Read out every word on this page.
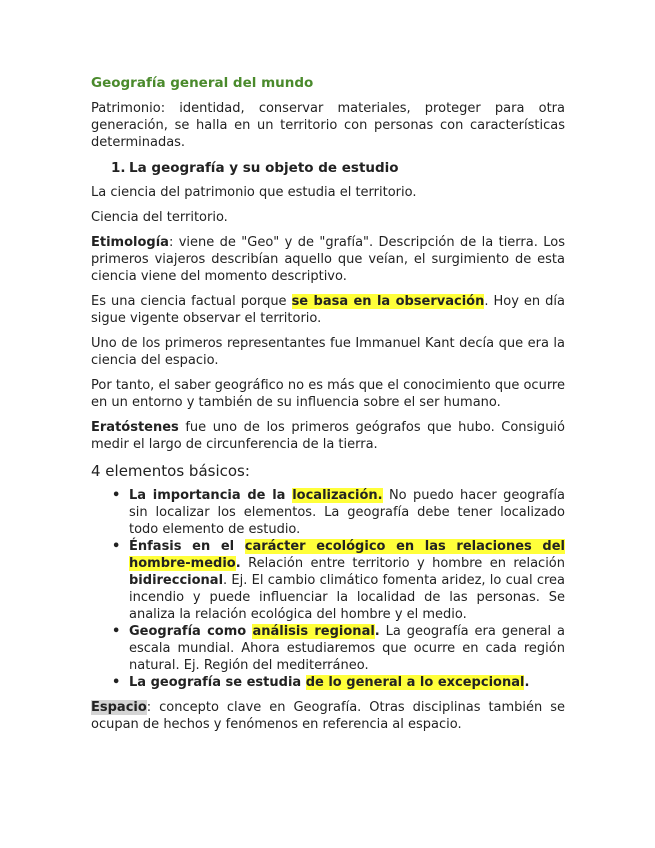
Geografía general del mundo

Patrimonio: identidad, conservar materiales, proteger para otra generación, se halla en un territorio con personas con características determinadas.

1. La geografía y su objeto de estudio

La ciencia del patrimonio que estudia el territorio.

Ciencia del territorio.

Etimología: viene de "Geo" y de "grafía". Descripción de la tierra. Los primeros viajeros describían aquello que veían, el surgimiento de esta ciencia viene del momento descriptivo.

Es una ciencia factual porque se basa en la observación. Hoy en día sigue vigente observar el territorio.

Uno de los primeros representantes fue Immanuel Kant decía que era la ciencia del espacio.

Por tanto, el saber geográfico no es más que el conocimiento que ocurre en un entorno y también de su influencia sobre el ser humano.

Eratóstenes fue uno de los primeros geógrafos que hubo. Consiguió medir el largo de circunferencia de la tierra.

4 elementos básicos:

• La importancia de la localización. No puedo hacer geografía sin localizar los elementos. La geografía debe tener localizado todo elemento de estudio.
• Énfasis en el carácter ecológico en las relaciones del hombre-medio. Relación entre territorio y hombre en relación bidireccional. Ej. El cambio climático fomenta aridez, lo cual crea incendio y puede influenciar la localidad de las personas. Se analiza la relación ecológica del hombre y el medio.
• Geografía como análisis regional. La geografía era general a escala mundial. Ahora estudiaremos que ocurre en cada región natural. Ej. Región del mediterráneo.
• La geografía se estudia de lo general a lo excepcional.

Espacio: concepto clave en Geografía. Otras disciplinas también se ocupan de hechos y fenómenos en referencia al espacio.
